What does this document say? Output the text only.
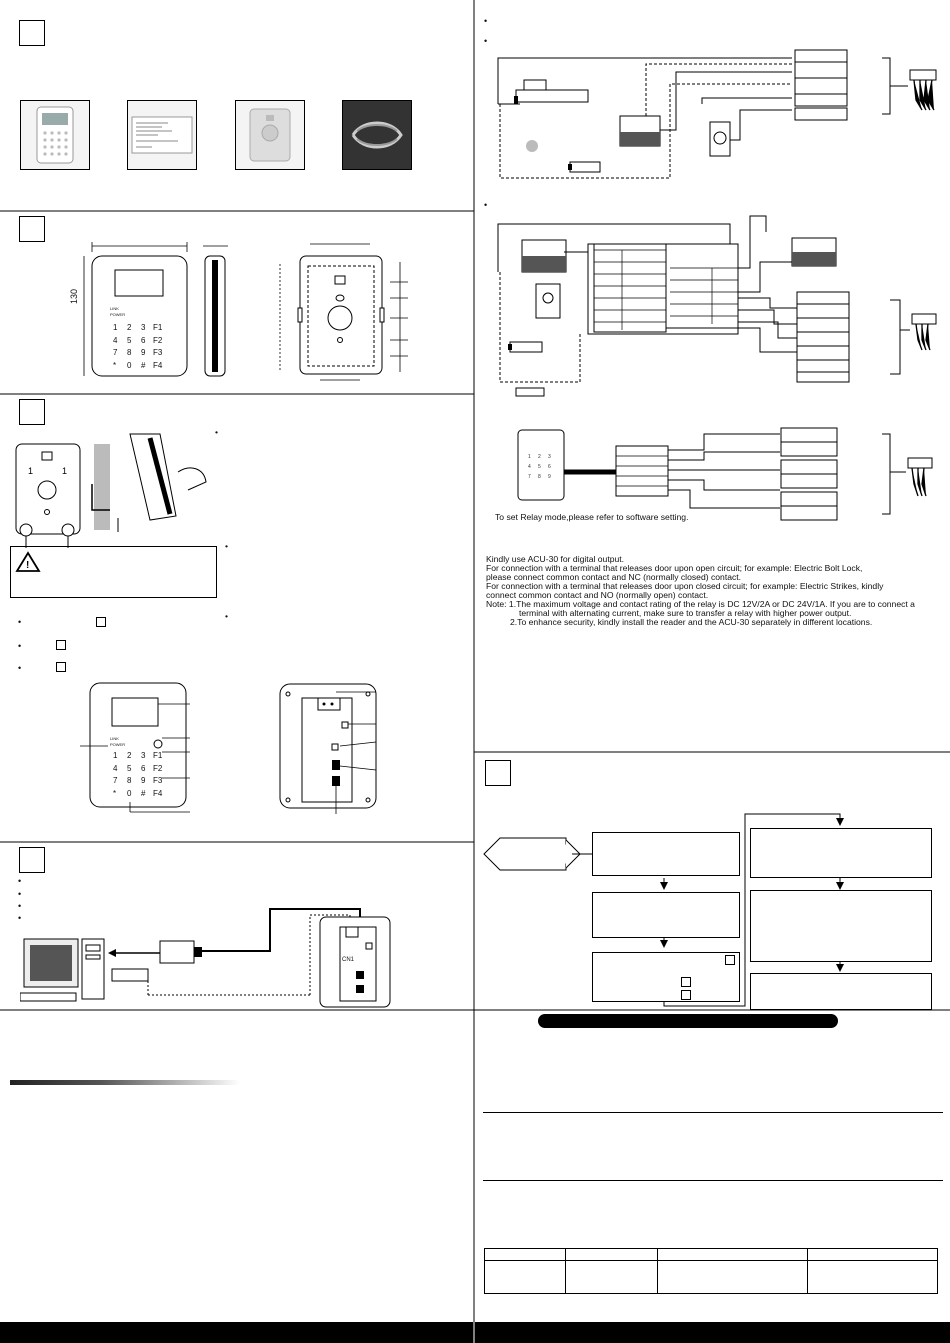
130
LINK
POWER
1	2	3 F1
4	5	6 F2
7	8	9 F3
*	0	# F4
1	1
•
!
•
•
•
•
•
LINK
POWER
1	2	3 F1
4	5	6 F2
7	8	9 F3
*	0	# F4
•
•
•
•
CN1
•
•
•
1 2 3
4 5 6
7 8 9
To set Relay mode,please refer to software setting.
Kindly use ACU-30 for digital output.
For connection with a terminal that releases door upon open circuit; for example: Electric Bolt Lock,
please connect common contact and NC (normally closed) contact.
For connection with a terminal that releases door upon closed circuit; for example: Electric Strikes, kindly
connect common contact and NO (normally open) contact.
Note: 1.The maximum voltage and contact rating of the relay is DC 12V/2A or DC 24V/1A. If you are to connect a
terminal with alternating current, make sure to transfer a relay with higher power output.
2.To enhance security, kindly install the reader and the ACU-30 separately in different locations.
